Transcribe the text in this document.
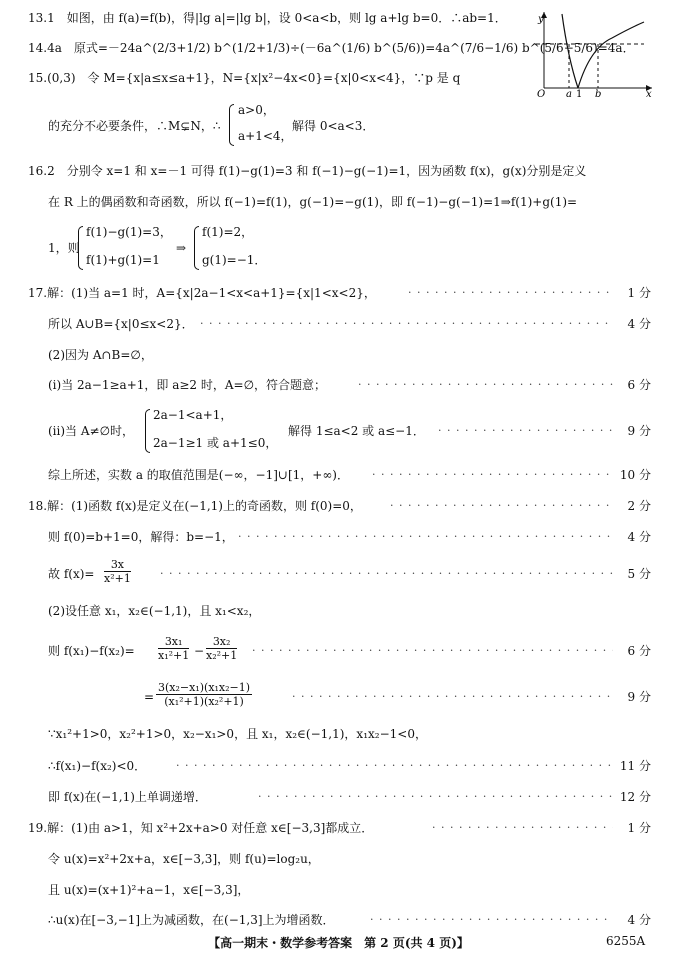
13.1　如图，由 f(a)=f(b)，得|lg a|=|lg b|，设 0<a<b，则 lg a+lg b=0．∴ab=1．
14.4a　原式=－24a^(2/3+1/2) b^(1/2+1/3)÷(－6a^(1/6) b^(5/6))=4a^(7/6−1/6) b^(5/6−5/6)=4a．
15.(0,3)　令 M={x|a≤x≤a+1}，N={x|x²−4x<0}={x|0<x<4}，∵p 是 q
y
O a 1 b	x
的充分不必要条件，∴M⊊N，∴
a>0，
a+1<4，
解得 0<a<3．
16.2　分别令 x=1 和 x=－1 可得 f(1)−g(1)=3 和 f(−1)−g(−1)=1，因为函数 f(x)，g(x)分别是定义
在 R 上的偶函数和奇函数，所以 f(−1)=f(1)，g(−1)=−g(1)，即 f(−1)−g(−1)=1⇒f(1)+g(1)=
1，则
f(1)−g(1)=3，
f(1)+g(1)=1
⇒
f(1)=2，
g(1)=−1．
17.解：(1)当 a=1 时，A={x|2a−1<x<a+1}={x|1<x<2}， · · ·	1 分
所以 A∪B={x|0≤x<2}． · · ·	4 分
(2)因为 A∩B=∅，
(i)当 2a−1≥a+1，即 a≥2 时，A=∅，符合题意； · · ·	6 分
(ii)当 A≠∅时，
2a−1<a+1，
2a−1≥1 或 a+1≤0，
解得 1≤a<2 或 a≤−1． · · ·	9 分
综上所述，实数 a 的取值范围是(−∞，−1]∪[1，+∞)． · · ·	10 分
18.解：(1)函数 f(x)是定义在(−1,1)上的奇函数，则 f(0)=0， · · ·	2 分
则 f(0)=b+1=0，解得：b=−1， · · ·	4 分
故 $f(x)= \frac{3x}{\text{x²+1}}$ · · ·	5 分
(2)设任意 x₁，x₂∈(−1,1)，且 x₁<x₂，
则 $f(x_1)-f(x_2)= \frac{\text{3x₁}}{\text{x₁²+1}} - \frac{\text{3x₂}}{\text{x₂²+1}}$ · · ·	6 分
= $\frac{\text{3(x₂−x₁)(x₁x₂−1)}}{\text{(x₁²+1)(x₂²+1)}}$ · · ·	9 分
∵x₁²+1>0，x₂²+1>0，x₂−x₁>0，且 x₁，x₂∈(−1,1)，x₁x₂−1<0，
∴f(x₁)−f(x₂)<0． · · ·	11 分
即 f(x)在(−1,1)上单调递增． · · ·	12 分
19.解：(1)由 a>1，知 x²+2x+a>0 对任意 x∈[−3,3]都成立． · · ·	1 分
令 u(x)=x²+2x+a，x∈[−3,3]，则 f(u)=log₂u，
且 u(x)=(x+1)²+a−1，x∈[−3,3]，
∴u(x)在[−3,−1]上为减函数，在(−1,3]上为增函数． · · ·	4 分
【高一期末・数学参考答案　第 2 页(共 4 页)】	6255A
